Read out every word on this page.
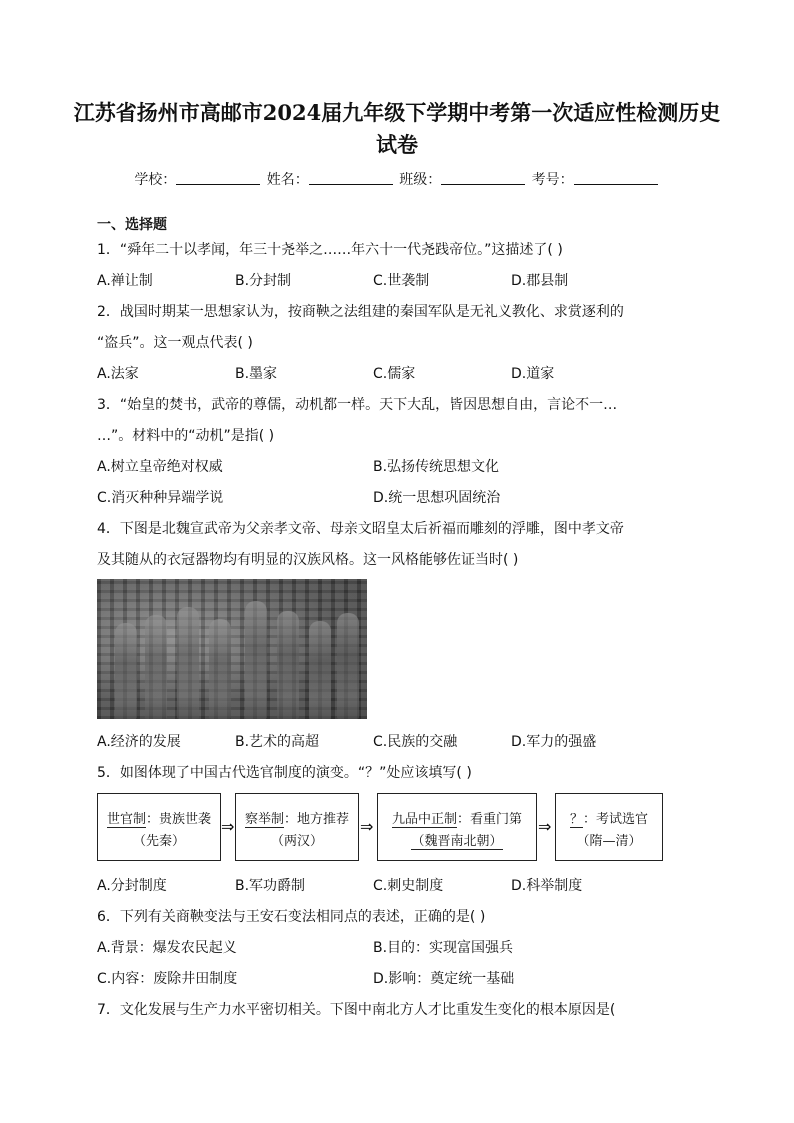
江苏省扬州市高邮市2024届九年级下学期中考第一次适应性检测历史
试卷
学校：	姓名：	班级：	考号：
一、选择题
1．“舜年二十以孝闻，年三十尧举之……年六十一代尧践帝位。”这描述了( )
A.禅让制	B.分封制	C.世袭制	D.郡县制
2．战国时期某一思想家认为，按商鞅之法组建的秦国军队是无礼义教化、求赏逐利的
“盗兵”。这一观点代表( )
A.法家	B.墨家	C.儒家	D.道家
3．“始皇的焚书，武帝的尊儒，动机都一样。天下大乱，皆因思想自由，言论不一…
…”。材料中的“动机”是指( )
A.树立皇帝绝对权威	B.弘扬传统思想文化
C.消灭种种异端学说	D.统一思想巩固统治
4．下图是北魏宣武帝为父亲孝文帝、母亲文昭皇太后祈福而雕刻的浮雕，图中孝文帝
及其随从的衣冠器物均有明显的汉族风格。这一风格能够佐证当时( )
A.经济的发展	B.艺术的高超	C.民族的交融	D.军力的强盛
5．如图体现了中国古代选官制度的演变。“？”处应该填写( )
世官制：贵族世袭
（先秦）
⇒ 察举制：地方推荐
（两汉）
⇒	九品中正制：看重门第
（魏晋南北朝）
⇒	？：考试选官
（隋—清）
A.分封制度	B.军功爵制	C.刺史制度	D.科举制度
6．下列有关商鞅变法与王安石变法相同点的表述，正确的是( )
A.背景：爆发农民起义	B.目的：实现富国强兵
C.内容：废除井田制度	D.影响：奠定统一基础
7．文化发展与生产力水平密切相关。下图中南北方人才比重发生变化的根本原因是(
